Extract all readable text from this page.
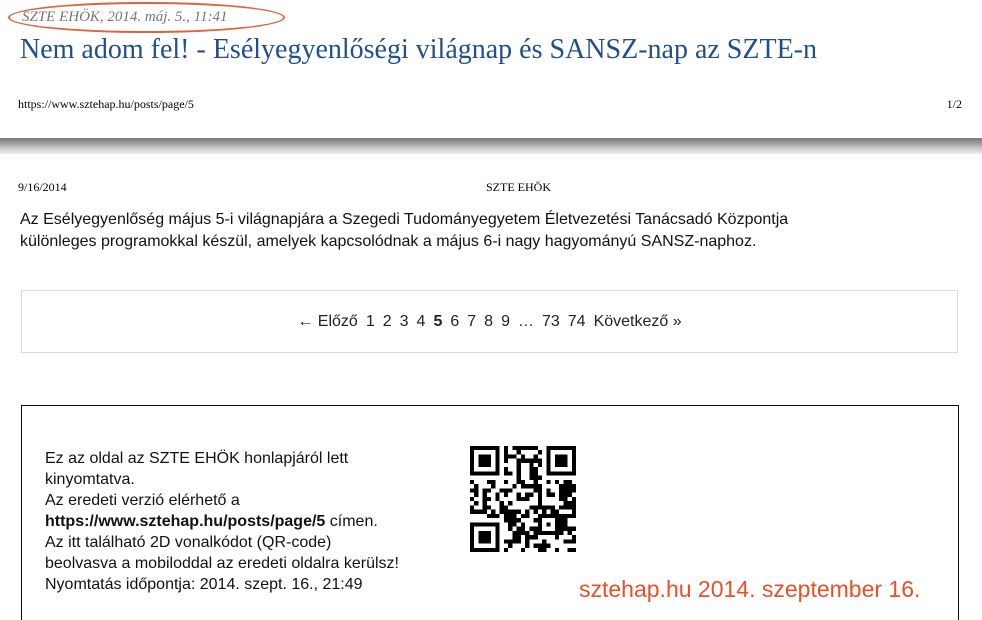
SZTE EHÖK, 2014. máj. 5., 11:41
Nem adom fel! - Esélyegyenlőségi világnap és SANSZ-nap az SZTE-n
https://www.sztehap.hu/posts/page/5	1/2
9/16/2014	SZTE EHÖK
Az Esélyegyenlőség május 5-i világnapjára a Szegedi Tudományegyetem Életvezetési Tanácsadó Központja
különleges programokkal készül, amelyek kapcsolódnak a május 6-i nagy hagyományú SANSZ-naphoz.
← Előző 1 2 3 4 5 6 7 8 9 … 73 74 Következő »
Ez az oldal az SZTE EHÖK honlapjáról lett
kinyomtatva.
Az eredeti verzió elérhető a
https://www.sztehap.hu/posts/page/5 címen.
Az itt található 2D vonalkódot (QR-code)
beolvasva a mobiloddal az eredeti oldalra kerülsz!
Nyomtatás időpontja: 2014. szept. 16., 21:49	sztehap.hu 2014. szeptember 16.
